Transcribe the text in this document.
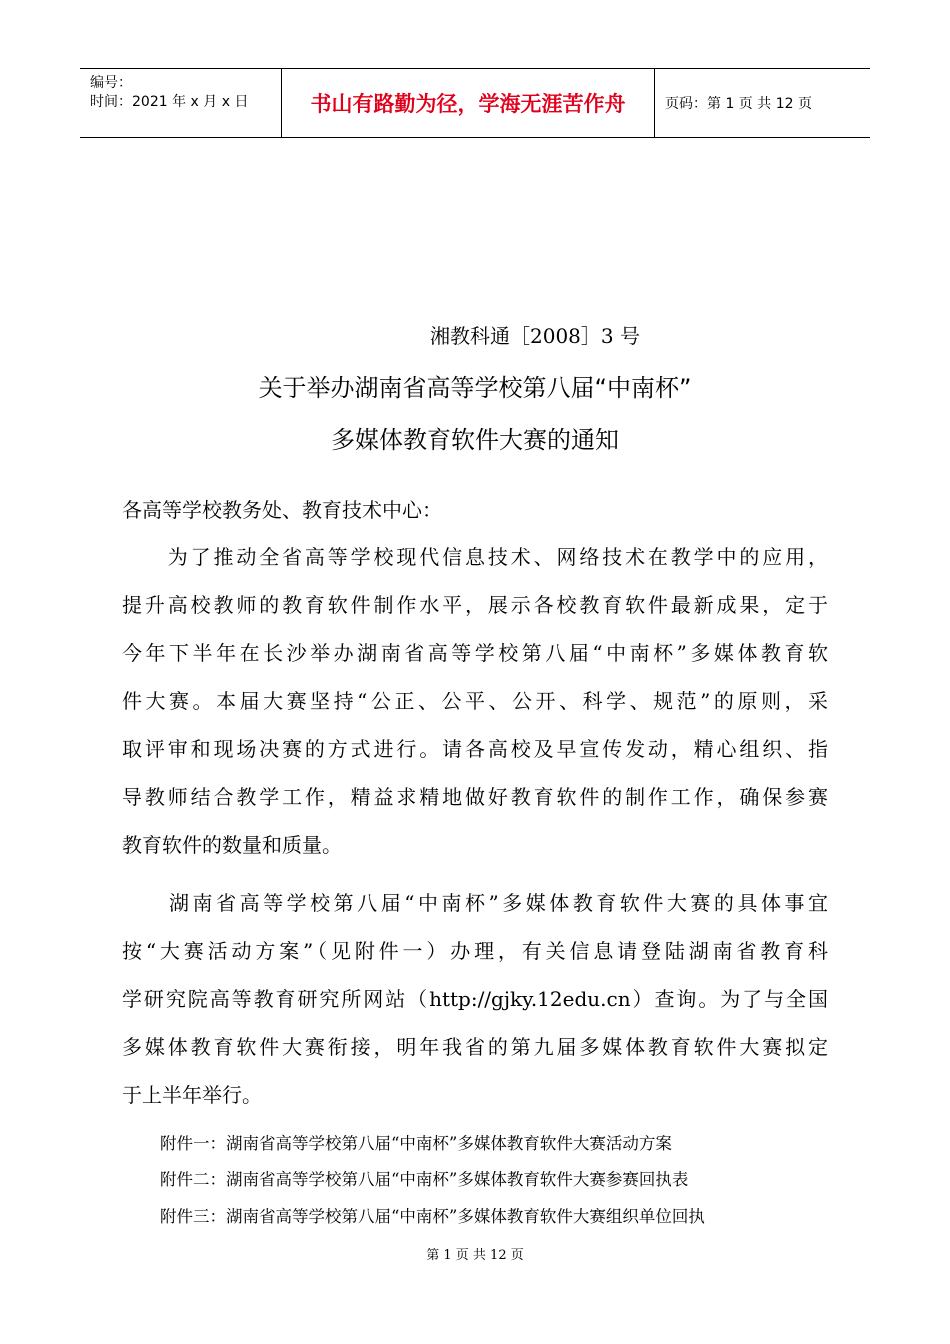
编号：
时间：2021 年 x 月 x 日	书山有路勤为径，学海无涯苦作舟	页码：第 1 页 共 12 页
湘教科通［2008］3 号
关于举办湖南省高等学校第八届“中南杯”
多媒体教育软件大赛的通知
各高等学校教务处、教育技术中心：
　　为了推动全省高等学校现代信息技术、网络技术在教学中的应用，
提升高校教师的教育软件制作水平，展示各校教育软件最新成果，定于
今年下半年在长沙举办湖南省高等学校第八届“中南杯”多媒体教育软
件大赛。本届大赛坚持“公正、公平、公开、科学、规范”的原则，采
取评审和现场决赛的方式进行。请各高校及早宣传发动，精心组织、指
导教师结合教学工作，精益求精地做好教育软件的制作工作，确保参赛
教育软件的数量和质量。
　　湖南省高等学校第八届“中南杯”多媒体教育软件大赛的具体事宜
按“大赛活动方案”（见附件一）办理，有关信息请登陆湖南省教育科
学研究院高等教育研究所网站（http://gjky.12edu.cn）查询。为了与全国
多媒体教育软件大赛衔接，明年我省的第九届多媒体教育软件大赛拟定
于上半年举行。
附件一：湖南省高等学校第八届“中南杯”多媒体教育软件大赛活动方案
附件二：湖南省高等学校第八届“中南杯”多媒体教育软件大赛参赛回执表
附件三：湖南省高等学校第八届“中南杯”多媒体教育软件大赛组织单位回执
第 1 页 共 12 页
